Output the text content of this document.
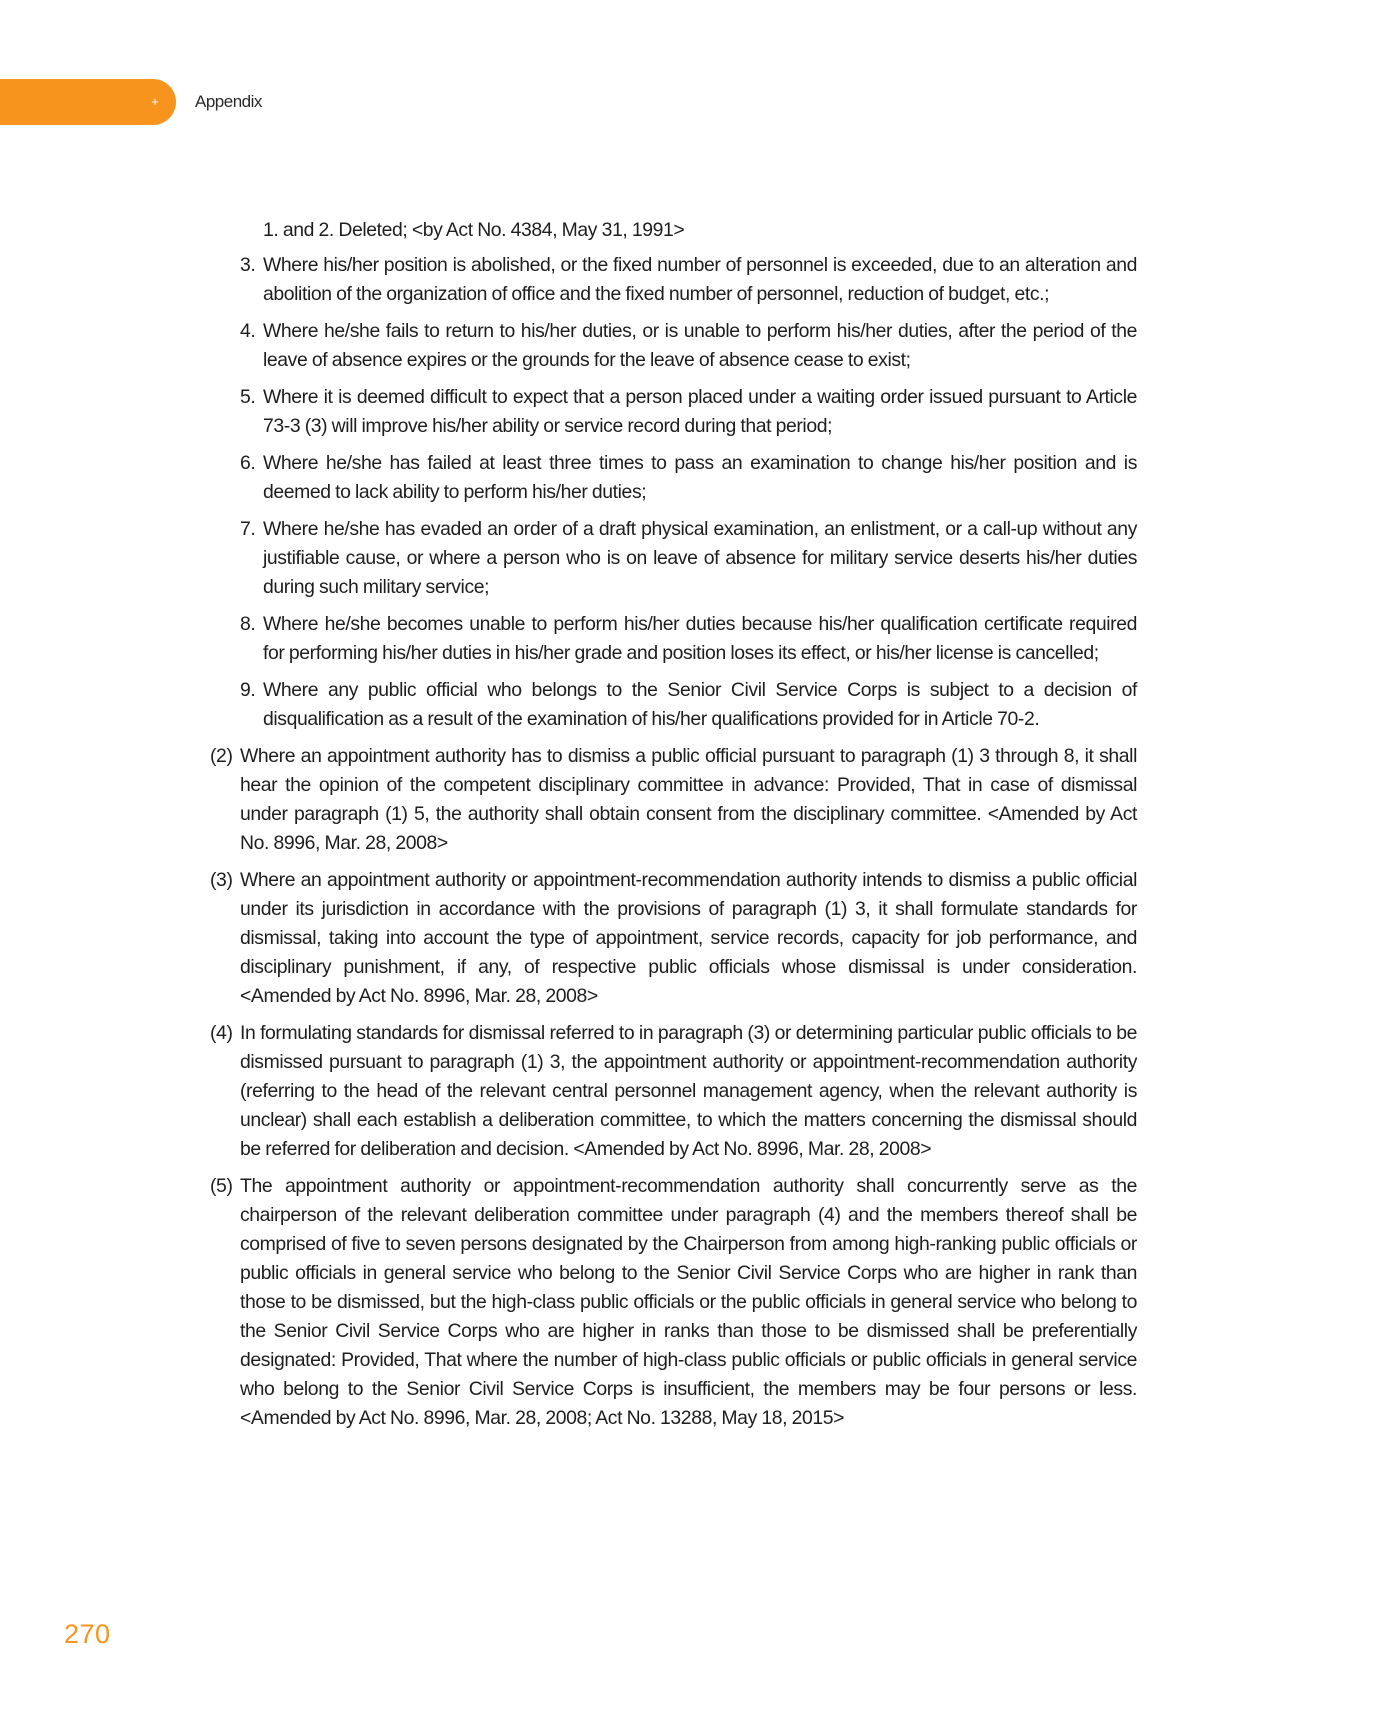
+ Appendix
1. and 2. Deleted; <by Act No. 4384, May 31, 1991>
3. Where his/her position is abolished, or the fixed number of personnel is exceeded, due to an alteration and abolition of the organization of office and the fixed number of personnel, reduction of budget, etc.;
4. Where he/she fails to return to his/her duties, or is unable to perform his/her duties, after the period of the leave of absence expires or the grounds for the leave of absence cease to exist;
5. Where it is deemed difficult to expect that a person placed under a waiting order issued pursuant to Article 73-3 (3) will improve his/her ability or service record during that period;
6. Where he/she has failed at least three times to pass an examination to change his/her position and is deemed to lack ability to perform his/her duties;
7. Where he/she has evaded an order of a draft physical examination, an enlistment, or a call-up without any justifiable cause, or where a person who is on leave of absence for military service deserts his/her duties during such military service;
8. Where he/she becomes unable to perform his/her duties because his/her qualification certificate required for performing his/her duties in his/her grade and position loses its effect, or his/her license is cancelled;
9. Where any public official who belongs to the Senior Civil Service Corps is subject to a decision of disqualification as a result of the examination of his/her qualifications provided for in Article 70-2.
(2) Where an appointment authority has to dismiss a public official pursuant to paragraph (1) 3 through 8, it shall hear the opinion of the competent disciplinary committee in advance: Provided, That in case of dismissal under paragraph (1) 5, the authority shall obtain consent from the disciplinary committee. <Amended by Act No. 8996, Mar. 28, 2008>
(3) Where an appointment authority or appointment-recommendation authority intends to dismiss a public official under its jurisdiction in accordance with the provisions of paragraph (1) 3, it shall formulate standards for dismissal, taking into account the type of appointment, service records, capacity for job performance, and disciplinary punishment, if any, of respective public officials whose dismissal is under consideration. <Amended by Act No. 8996, Mar. 28, 2008>
(4) In formulating standards for dismissal referred to in paragraph (3) or determining particular public officials to be dismissed pursuant to paragraph (1) 3, the appointment authority or appointment-recommendation authority (referring to the head of the relevant central personnel management agency, when the relevant authority is unclear) shall each establish a deliberation committee, to which the matters concerning the dismissal should be referred for deliberation and decision. <Amended by Act No. 8996, Mar. 28, 2008>
(5) The appointment authority or appointment-recommendation authority shall concurrently serve as the chairperson of the relevant deliberation committee under paragraph (4) and the members thereof shall be comprised of five to seven persons designated by the Chairperson from among high-ranking public officials or public officials in general service who belong to the Senior Civil Service Corps who are higher in rank than those to be dismissed, but the high-class public officials or the public officials in general service who belong to the Senior Civil Service Corps who are higher in ranks than those to be dismissed shall be preferentially designated: Provided, That where the number of high-class public officials or public officials in general service who belong to the Senior Civil Service Corps is insufficient, the members may be four persons or less. <Amended by Act No. 8996, Mar. 28, 2008; Act No. 13288, May 18, 2015>
270
